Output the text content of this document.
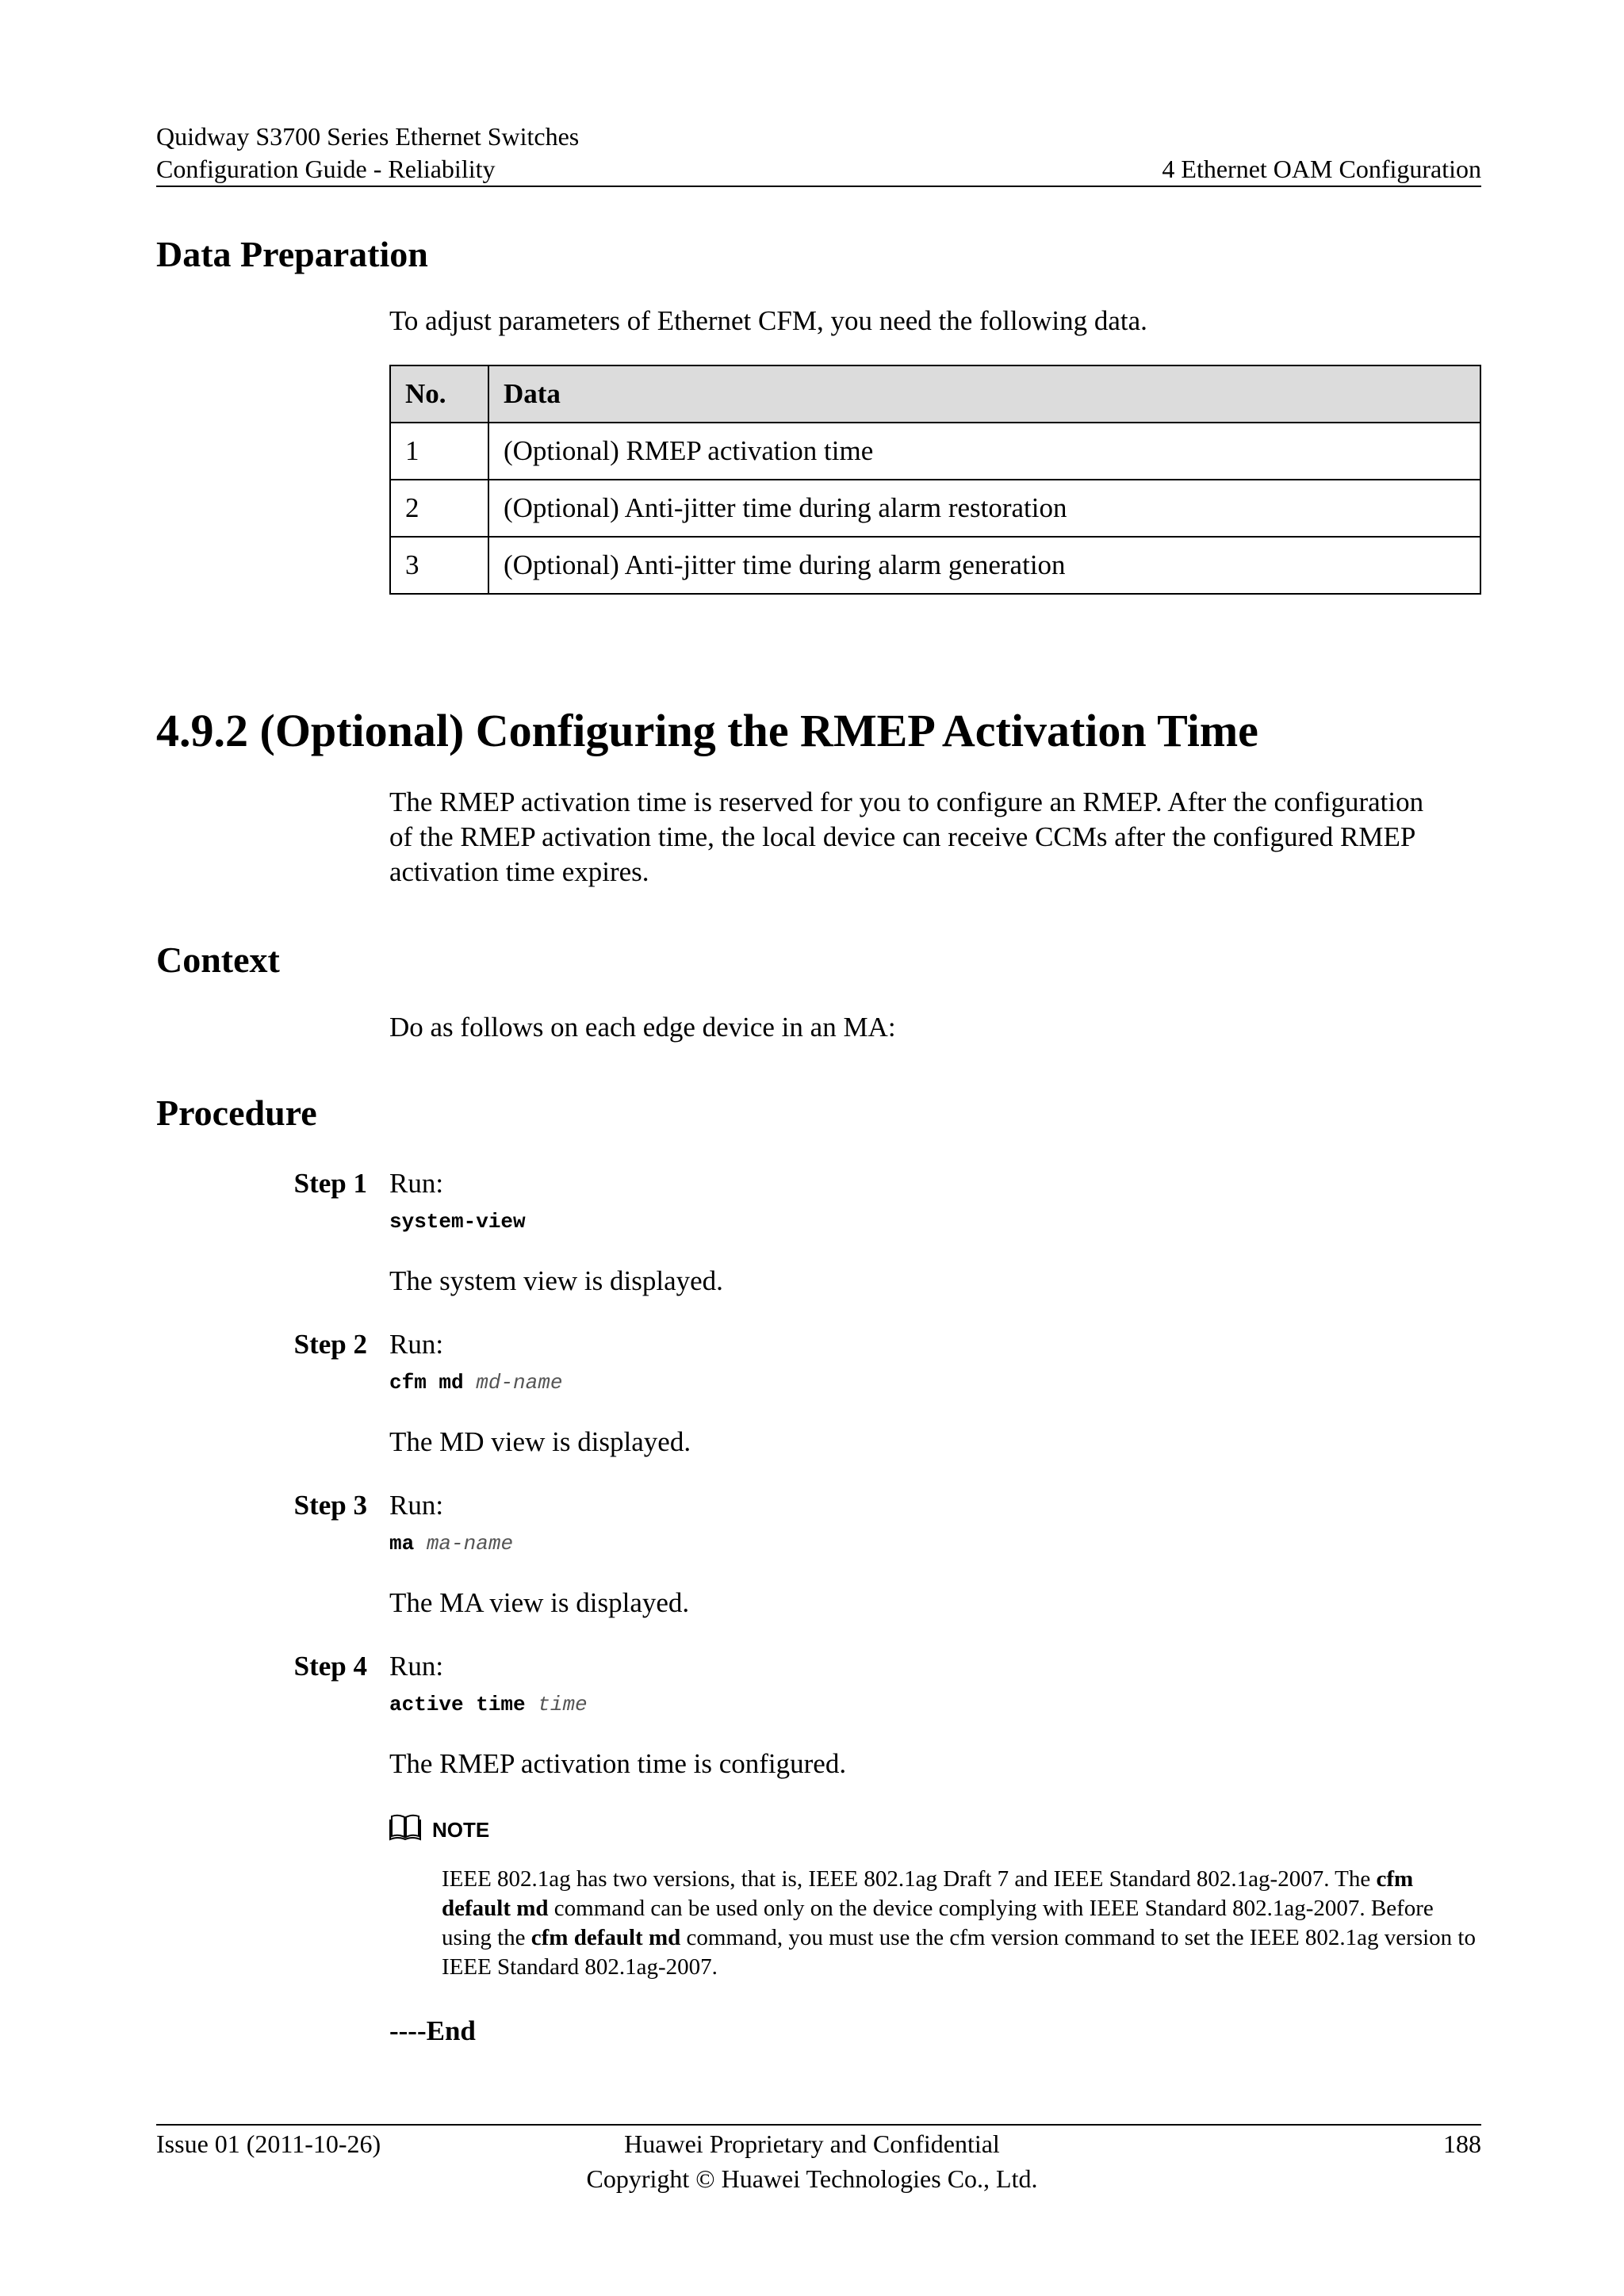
Quidway S3700 Series Ethernet Switches
Configuration Guide - Reliability	4 Ethernet OAM Configuration
Data Preparation
To adjust parameters of Ethernet CFM, you need the following data.
No.	Data
1	(Optional) RMEP activation time
2	(Optional) Anti-jitter time during alarm restoration
3	(Optional) Anti-jitter time during alarm generation
4.9.2 (Optional) Configuring the RMEP Activation Time
The RMEP activation time is reserved for you to configure an RMEP. After the configuration
of the RMEP activation time, the local device can receive CCMs after the configured RMEP
activation time expires.
Context
Do as follows on each edge device in an MA:
Procedure
Step 1 Run:
system-view
The system view is displayed.
Step 2 Run:
cfm md md-name
The MD view is displayed.
Step 3 Run:
ma ma-name
The MA view is displayed.
Step 4 Run:
active time time
The RMEP activation time is configured.
NOTE
IEEE 802.1ag has two versions, that is, IEEE 802.1ag Draft 7 and IEEE Standard 802.1ag-2007. The cfm default md command can be used only on the device complying with IEEE Standard 802.1ag-2007. Before using the cfm default md command, you must use the cfm version command to set the IEEE 802.1ag version to IEEE Standard 802.1ag-2007.
----End
Issue 01 (2011-10-26)	Huawei Proprietary and Confidential
Copyright © Huawei Technologies Co., Ltd.
188
